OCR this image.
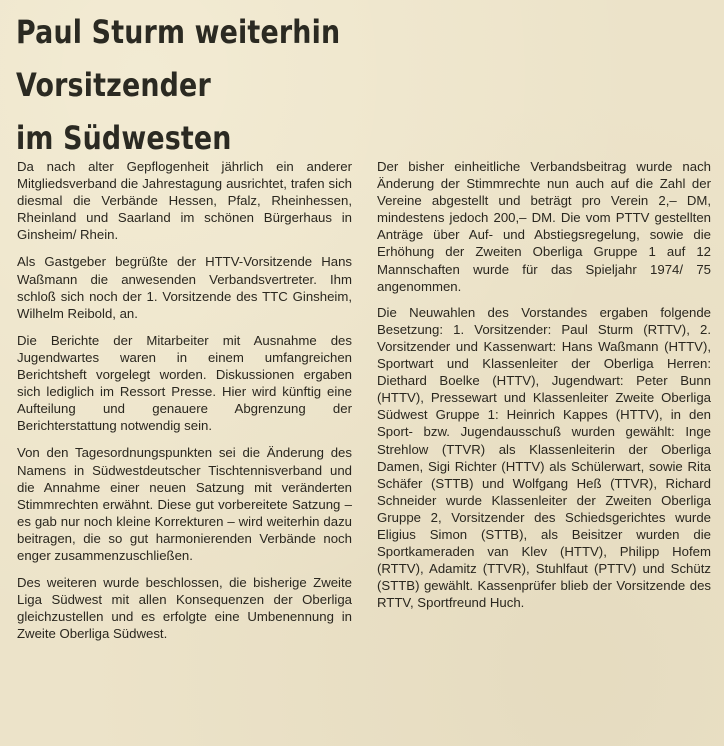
Paul Sturm weiterhin
Vorsitzender
im Südwesten

Da nach alter Gepflogenheit jährlich ein anderer Mitgliedsverband die Jahrestagung ausrichtet, trafen sich diesmal die Verbände Hessen, Pfalz, Rheinhessen, Rheinland und Saarland im schönen Bürgerhaus in Ginsheim/ Rhein.

Als Gastgeber begrüßte der HTTV-Vorsitzende Hans Waßmann die anwesenden Verbandsvertreter. Ihm schloß sich noch der 1. Vorsitzende des TTC Ginsheim, Wilhelm Reibold, an.

Die Berichte der Mitarbeiter mit Ausnahme des Jugendwartes waren in einem umfangreichen Berichtsheft vorgelegt worden. Diskussionen ergaben sich lediglich im Ressort Presse. Hier wird künftig eine Aufteilung und genauere Abgrenzung der Berichterstattung notwendig sein.

Von den Tagesordnungspunkten sei die Änderung des Namens in Südwestdeutscher Tischtennisverband und die Annahme einer neuen Satzung mit veränderten Stimmrechten erwähnt. Diese gut vorbereitete Satzung – es gab nur noch kleine Korrekturen – wird weiterhin dazu beitragen, die so gut harmonierenden Verbände noch enger zusammenzuschließen.

Des weiteren wurde beschlossen, die bisherige Zweite Liga Südwest mit allen Konsequenzen der Oberliga gleichzustellen und es erfolgte eine Umbenennung in Zweite Oberliga Südwest.

Der bisher einheitliche Verbandsbeitrag wurde nach Änderung der Stimmrechte nun auch auf die Zahl der Vereine abgestellt und beträgt pro Verein 2,– DM, mindestens jedoch 200,– DM. Die vom PTTV gestellten Anträge über Auf- und Abstiegsregelung, sowie die Erhöhung der Zweiten Oberliga Gruppe 1 auf 12 Mannschaften wurde für das Spieljahr 1974/ 75 angenommen.

Die Neuwahlen des Vorstandes ergaben folgende Besetzung: 1. Vorsitzender: Paul Sturm (RTTV), 2. Vorsitzender und Kassenwart: Hans Waßmann (HTTV), Sportwart und Klassenleiter der Oberliga Herren: Diethard Boelke (HTTV), Jugendwart: Peter Bunn (HTTV), Pressewart und Klassenleiter Zweite Oberliga Südwest Gruppe 1: Heinrich Kappes (HTTV), in den Sport- bzw. Jugendausschuß wurden gewählt: Inge Strehlow (TTVR) als Klassenleiterin der Oberliga Damen, Sigi Richter (HTTV) als Schülerwart, sowie Rita Schäfer (STTB) und Wolfgang Heß (TTVR), Richard Schneider wurde Klassenleiter der Zweiten Oberliga Gruppe 2, Vorsitzender des Schiedsgerichtes wurde Eligius Simon (STTB), als Beisitzer wurden die Sportkameraden van Klev (HTTV), Philipp Hofem (RTTV), Adamitz (TTVR), Stuhlfaut (PTTV) und Schütz (STTB) gewählt. Kassenprüfer blieb der Vorsitzende des RTTV, Sportfreund Huch.
